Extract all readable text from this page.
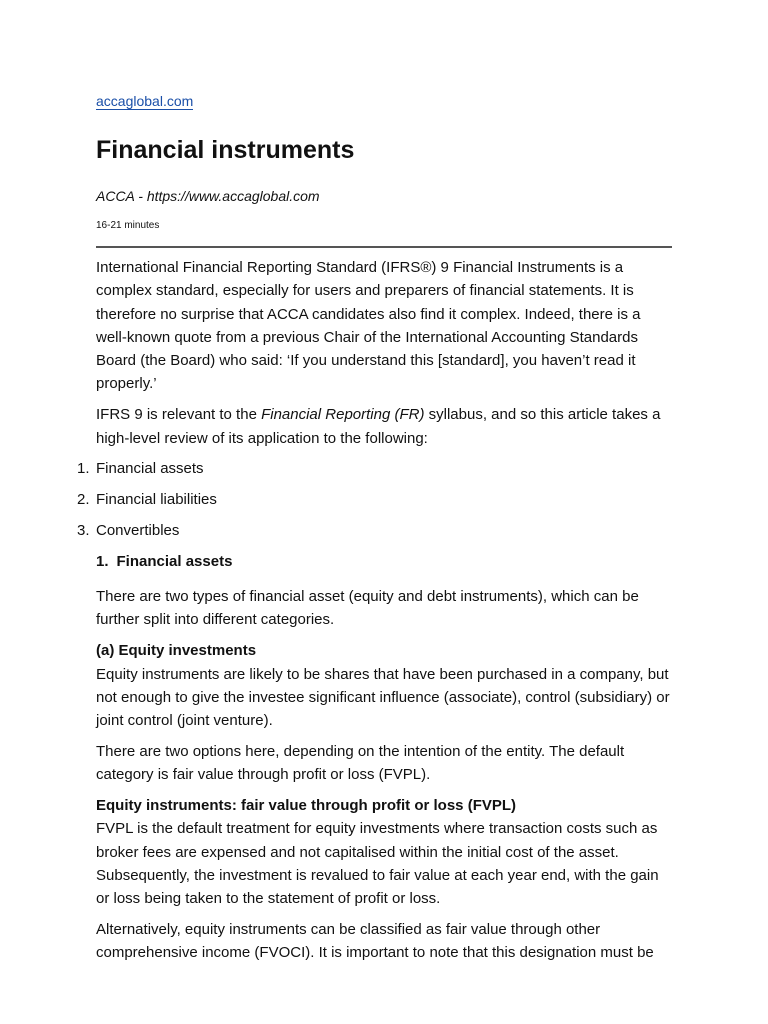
accaglobal.com
Financial instruments
ACCA - https://www.accaglobal.com
16-21 minutes

International Financial Reporting Standard (IFRS®) 9 Financial Instruments is a complex standard, especially for users and preparers of financial statements. It is therefore no surprise that ACCA candidates also find it complex. Indeed, there is a well-known quote from a previous Chair of the International Accounting Standards Board (the Board) who said: ‘If you understand this [standard], you haven’t read it properly.’

IFRS 9 is relevant to the Financial Reporting (FR) syllabus, and so this article takes a high-level review of its application to the following:

1. Financial assets
2. Financial liabilities
3. Convertibles
1. Financial assets

There are two types of financial asset (equity and debt instruments), which can be further split into different categories.

(a) Equity investments

Equity instruments are likely to be shares that have been purchased in a company, but not enough to give the investee significant influence (associate), control (subsidiary) or joint control (joint venture).

There are two options here, depending on the intention of the entity. The default category is fair value through profit or loss (FVPL).

Equity instruments: fair value through profit or loss (FVPL)

FVPL is the default treatment for equity investments where transaction costs such as broker fees are expensed and not capitalised within the initial cost of the asset. Subsequently, the investment is revalued to fair value at each year end, with the gain or loss being taken to the statement of profit or loss.

Alternatively, equity instruments can be classified as fair value through other comprehensive income (FVOCI). It is important to note that this designation must be
